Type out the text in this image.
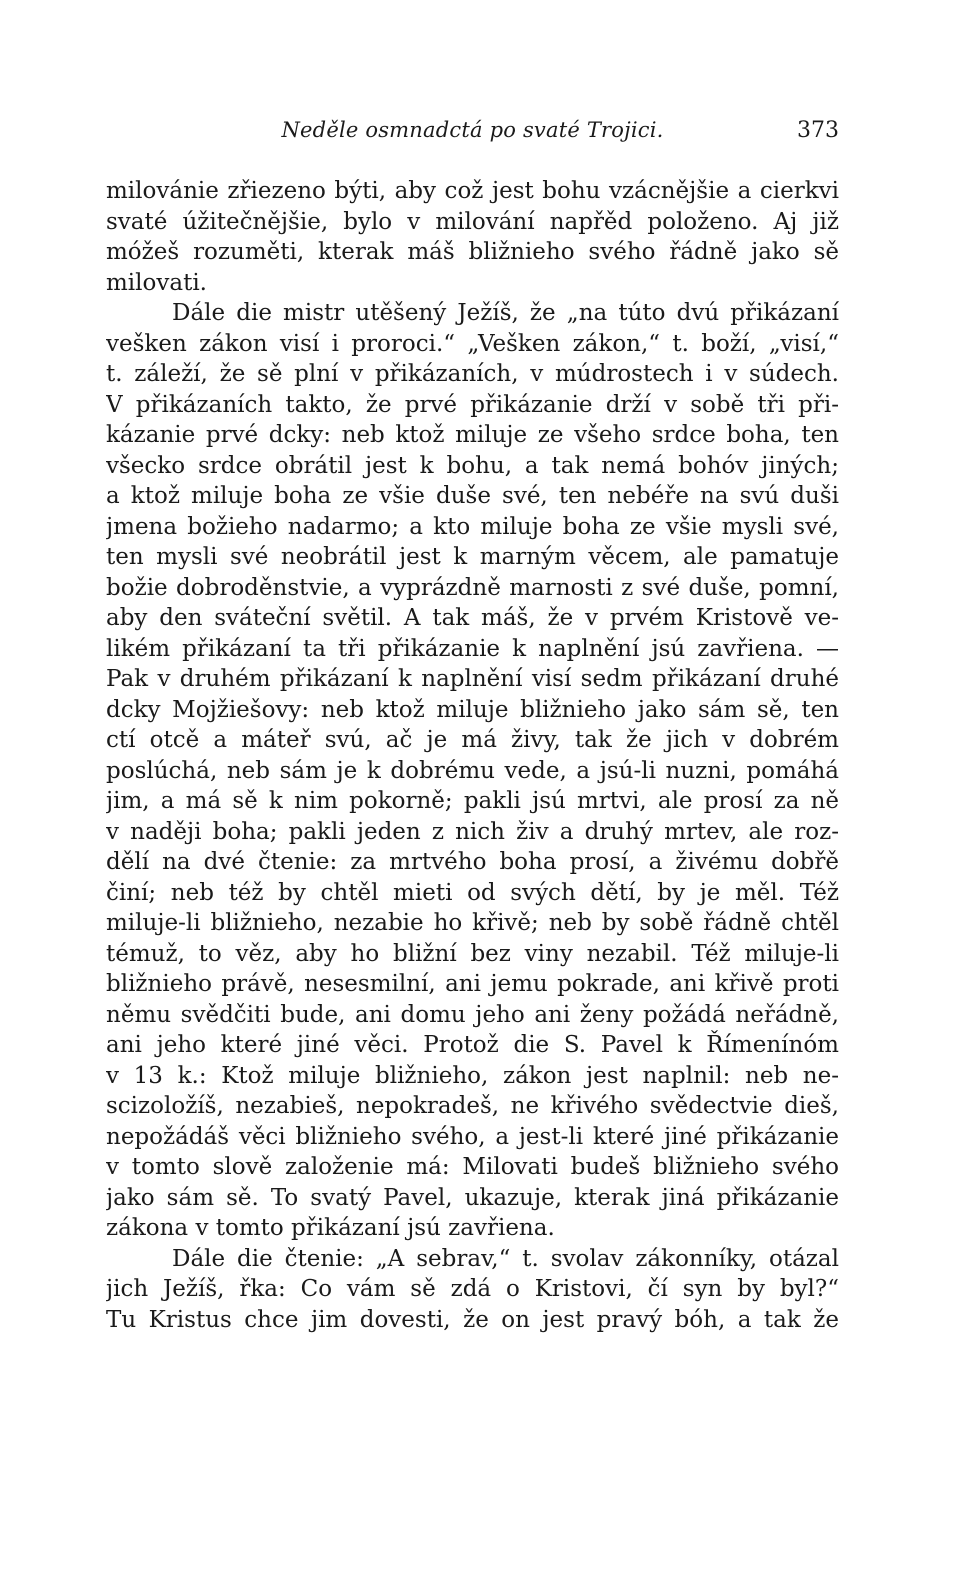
Neděle osmnadctá po svaté Trojici.	373
milovánie zřiezeno býti, aby což jest bohu vzácnějšie a cierkvi
svaté úžitečnějšie, bylo v milování napřěd položeno. Aj již
móžeš rozuměti, kterak máš bližnieho svého řádně jako sě
milovati.
Dále die mistr utěšený Ježíš, že „na túto dvú přikázaní
vešken zákon visí i proroci.“ „Vešken zákon,“ t. boží, „visí,“
t. záleží, že sě plní v přikázaních, v múdrostech i v súdech.
V přikázaních takto, že prvé přikázanie drží v sobě tři při-
kázanie prvé dcky: neb ktož miluje ze všeho srdce boha, ten
všecko srdce obrátil jest k bohu, a tak nemá bohóv jiných;
a ktož miluje boha ze všie duše své, ten nebéře na svú duši
jmena božieho nadarmo; a kto miluje boha ze všie mysli své,
ten mysli své neobrátil jest k marným věcem, ale pamatuje
božie dobroděnstvie, a vyprázdně marnosti z své duše, pomní,
aby den sváteční světil. A tak máš, že v prvém Kristově ve-
likém přikázaní ta tři přikázanie k naplnění jsú zavřiena. —
Pak v druhém přikázaní k naplnění visí sedm přikázaní druhé
dcky Mojžiešovy: neb ktož miluje bližnieho jako sám sě, ten
ctí otcě a máteř svú, ač je má živy, tak že jich v dobrém
poslúchá, neb sám je k dobrému vede, a jsú-li nuzni, pomáhá
jim, a má sě k nim pokorně; pakli jsú mrtvi, ale prosí za ně
v naději boha; pakli jeden z nich živ a druhý mrtev, ale roz-
dělí na dvé čtenie: za mrtvého boha prosí, a živému dobřě
činí; neb též by chtěl mieti od svých dětí, by je měl. Též
miluje-li bližnieho, nezabie ho křivě; neb by sobě řádně chtěl
témuž, to věz, aby ho bližní bez viny nezabil. Též miluje-li
bližnieho právě, nesesmilní, ani jemu pokrade, ani křivě proti
němu svědčiti bude, ani domu jeho ani ženy požádá neřádně,
ani jeho které jiné věci. Protož die S. Pavel k Římenínóm
v 13 k.: Ktož miluje bližnieho, zákon jest naplnil: neb ne-
scizoložíš, nezabieš, nepokradeš, ne křivého svědectvie dieš,
nepožádáš věci bližnieho svého, a jest-li které jiné přikázanie
v tomto slově založenie má: Milovati budeš bližnieho svého
jako sám sě. To svatý Pavel, ukazuje, kterak jiná přikázanie
zákona v tomto přikázaní jsú zavřiena.
Dále die čtenie: „A sebrav,“ t. svolav zákonníky, otázal
jich Ježíš, řka: Co vám sě zdá o Kristovi, čí syn by byl?“
Tu Kristus chce jim dovesti, že on jest pravý bóh, a tak že
